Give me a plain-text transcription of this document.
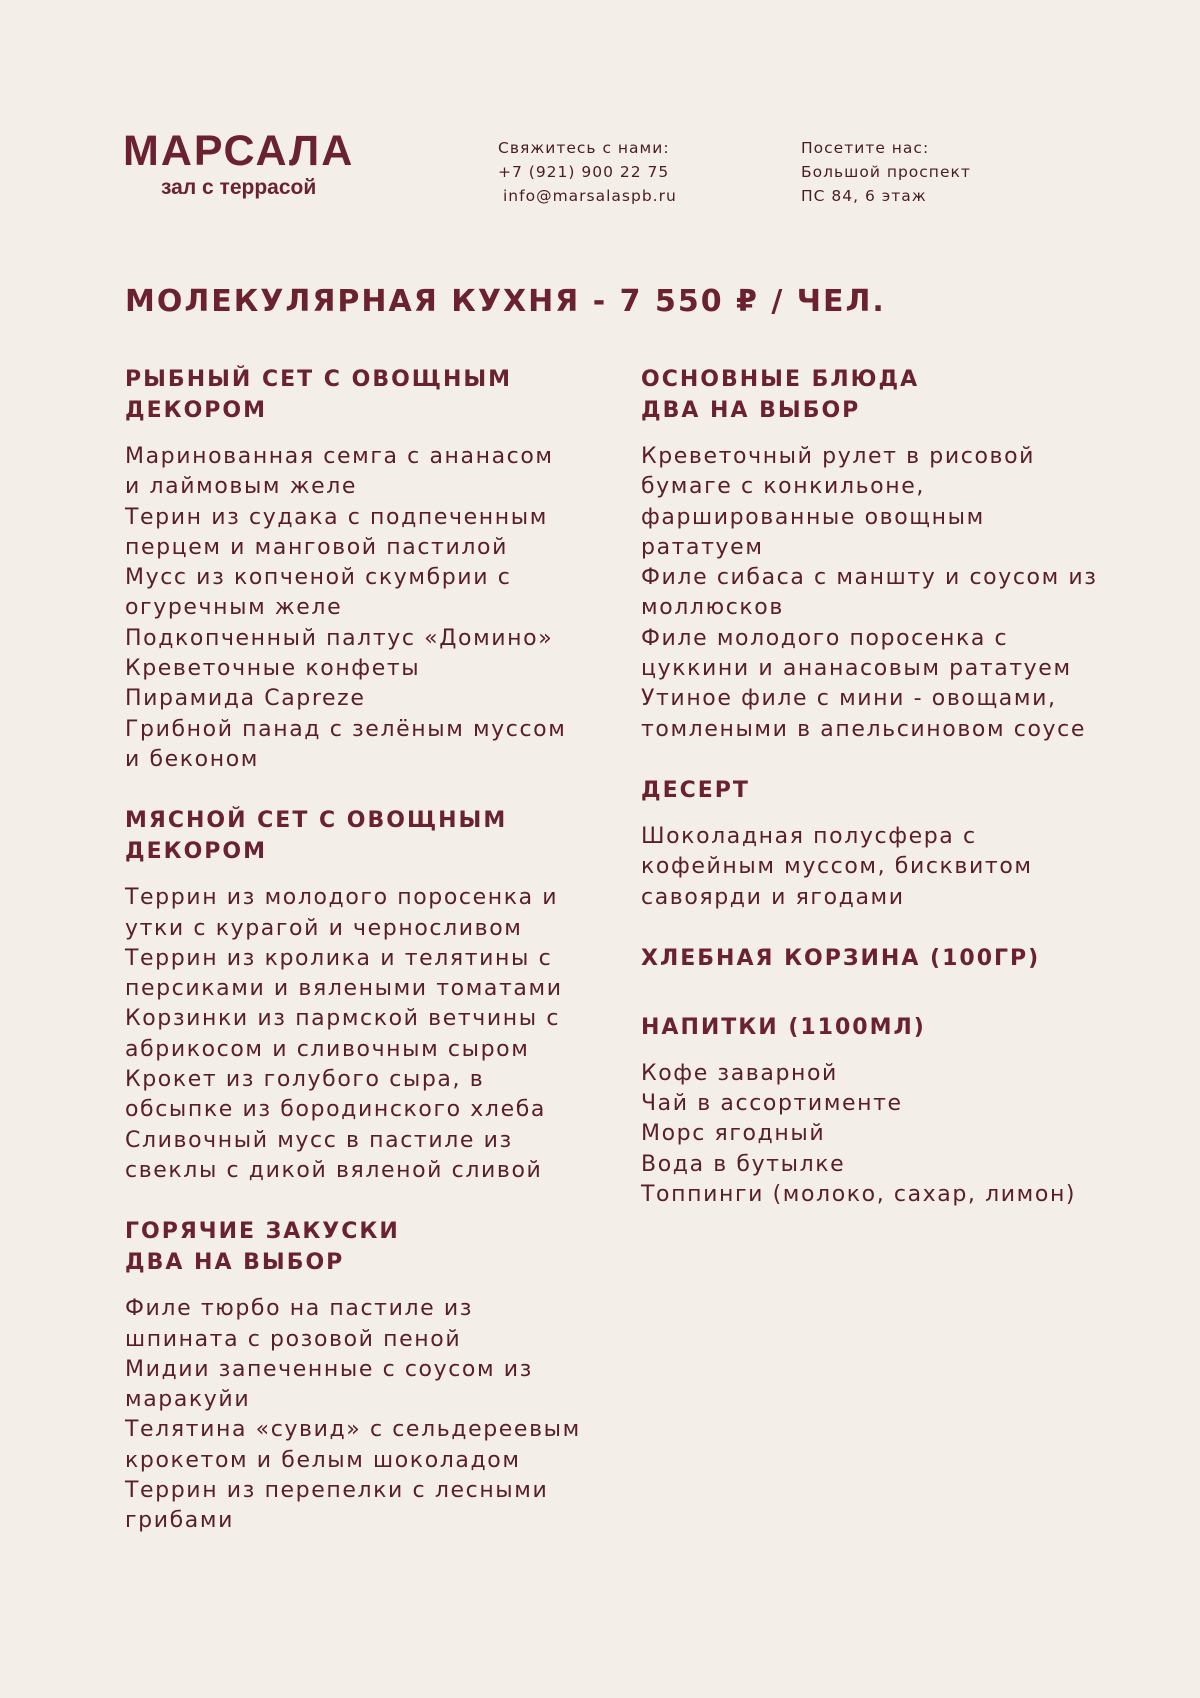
МАРСАЛА
зал с террасой
Свяжитесь с нами:
+7 (921) 900 22 75
info@marsalaspb.ru
Посетите нас:
Большой проспект
ПС 84, 6 этаж
МОЛЕКУЛЯРНАЯ КУХНЯ - 7 550 ₽ / ЧЕЛ.
РЫБНЫЙ СЕТ С ОВОЩНЫМ
ДЕКОРОМ
Маринованная семга с ананасом
и лаймовым желе
Терин из судака с подпеченным
перцем и манговой пастилой
Мусс из копченой скумбрии с
огуречным желе
Подкопченный палтус «Домино»
Креветочные конфеты
Пирамида Capreze
Грибной панад с зелёным муссом
и беконом
МЯСНОЙ СЕТ С ОВОЩНЫМ
ДЕКОРОМ
Террин из молодого поросенка и
утки с курагой и черносливом
Террин из кролика и телятины с
персиками и вялеными томатами
Корзинки из пармской ветчины с
абрикосом и сливочным сыром
Крокет из голубого сыра, в
обсыпке из бородинского хлеба
Сливочный мусс в пастиле из
свеклы с дикой вяленой сливой
ГОРЯЧИЕ ЗАКУСКИ
ДВА НА ВЫБОР
Филе тюрбо на пастиле из
шпината с розовой пеной
Мидии запеченные с соусом из
маракуйи
Телятина «сувид» с сельдереевым
крокетом и белым шоколадом
Террин из перепелки с лесными
грибами
ОСНОВНЫЕ БЛЮДА
ДВА НА ВЫБОР
Креветочный рулет в рисовой
бумаге с конкильоне,
фаршированные овощным
рататуем
Филе сибаса с маншту и соусом из
моллюсков
Филе молодого поросенка с
цуккини и ананасовым рататуем
Утиное филе с мини - овощами,
томлеными в апельсиновом соусе
ДЕСЕРТ
Шоколадная полусфера с
кофейным муссом, бисквитом
савоярди и ягодами
ХЛЕБНАЯ КОРЗИНА (100ГР)
НАПИТКИ (1100МЛ)
Кофе заварной
Чай в ассортименте
Морс ягодный
Вода в бутылке
Топпинги (молоко, сахар, лимон)
